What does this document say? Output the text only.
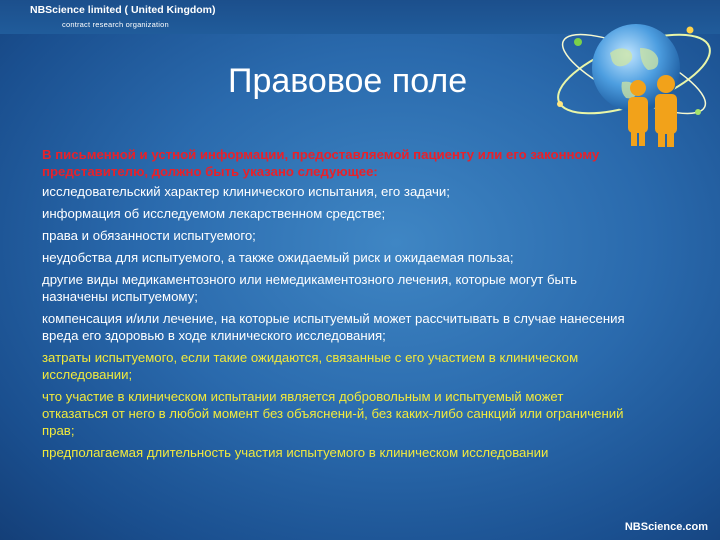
NBScience limited ( United Kingdom)
contract research organization
Правовое поле

В письменной и устной информации, предоставляемой пациенту или его законному представителю, должно быть указано следующее:

исследовательский характер клинического испытания, его задачи;

информация об исследуемом лекарственном средстве;

права и обязанности испытуемого;

неудобства для испытуемого, а также ожидаемый риск и ожидаемая польза;

другие виды медикаментозного или немедикаментозного лечения, которые могут быть назначены испытуемому;

компенсация и/или лечение, на которые испытуемый может рассчитывать в случае нанесения вреда его здоровью в ходе клинического исследования;

затраты испытуемого, если такие ожидаются, связанные с его участием в клиническом исследовании;

что участие в клиническом испытании является добровольным и испытуемый может отказаться от него в любой момент без объяснени-й, без каких-либо санкций или ограничений прав;

предполагаемая длительность участия испытуемого в клиническом исследовании

NBScience.com
